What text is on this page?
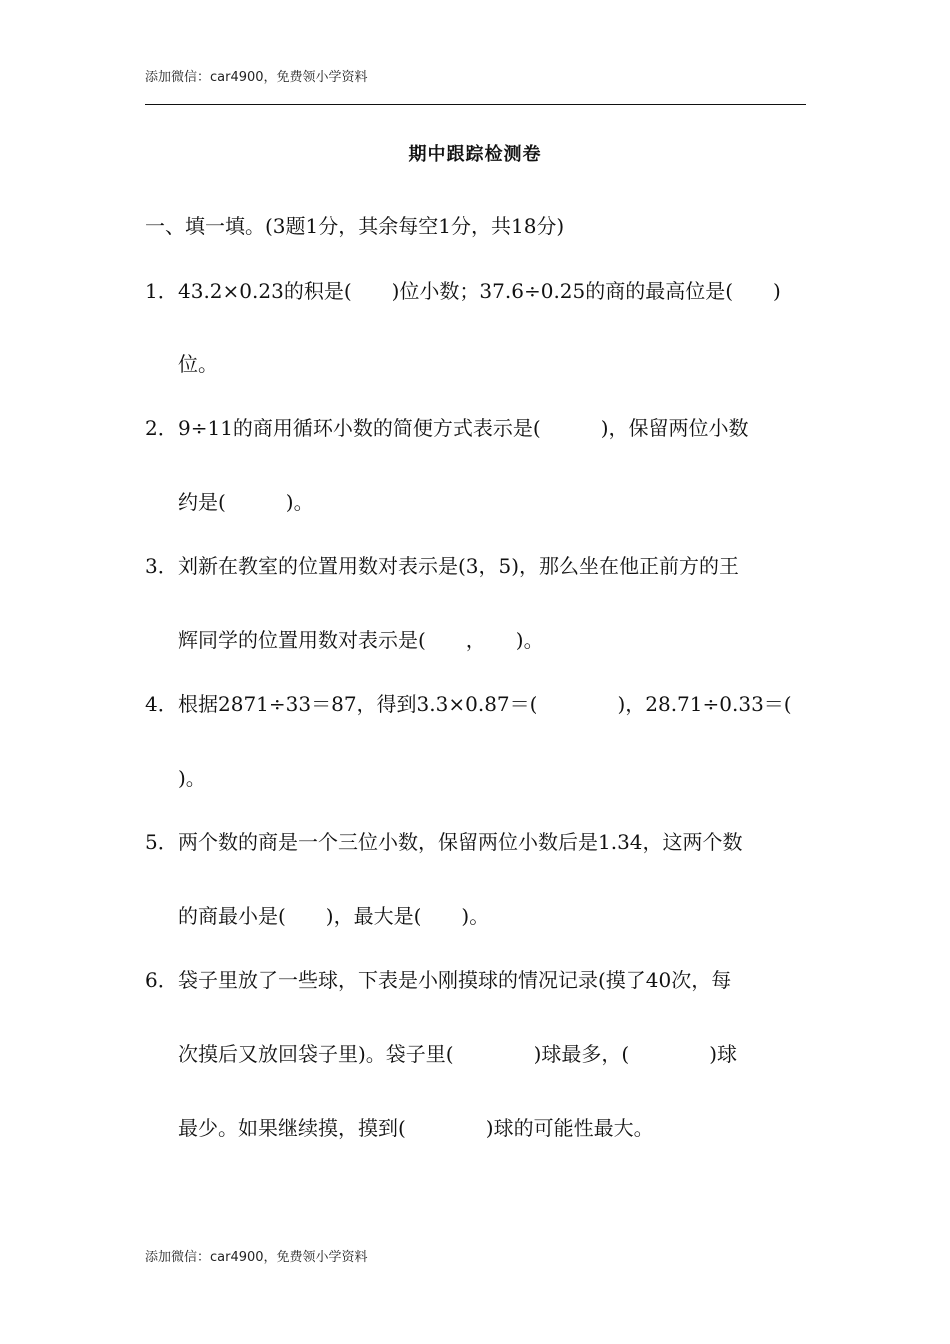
添加微信：car4900，免费领小学资料
期中跟踪检测卷
一、填一填。(3题1分，其余每空1分，共18分)
1． 43.2×0.23的积是(　　)位小数；37.6÷0.25的商的最高位是(　　)
位。
2． 9÷11的商用循环小数的简便方式表示是(　　　)，保留两位小数
约是(　　　)。
3． 刘新在教室的位置用数对表示是(3，5)，那么坐在他正前方的王
辉同学的位置用数对表示是(　　，　　)。
4． 根据2871÷33＝87，得到3.3×0.87＝(　　　　)，28.71÷0.33＝(
)。
5． 两个数的商是一个三位小数，保留两位小数后是1.34，这两个数
的商最小是(　　)，最大是(　　)。
6． 袋子里放了一些球，下表是小刚摸球的情况记录(摸了40次，每
次摸后又放回袋子里)。袋子里(　　　　)球最多，(　　　　)球
最少。如果继续摸，摸到(　　　　)球的可能性最大。
添加微信：car4900，免费领小学资料
